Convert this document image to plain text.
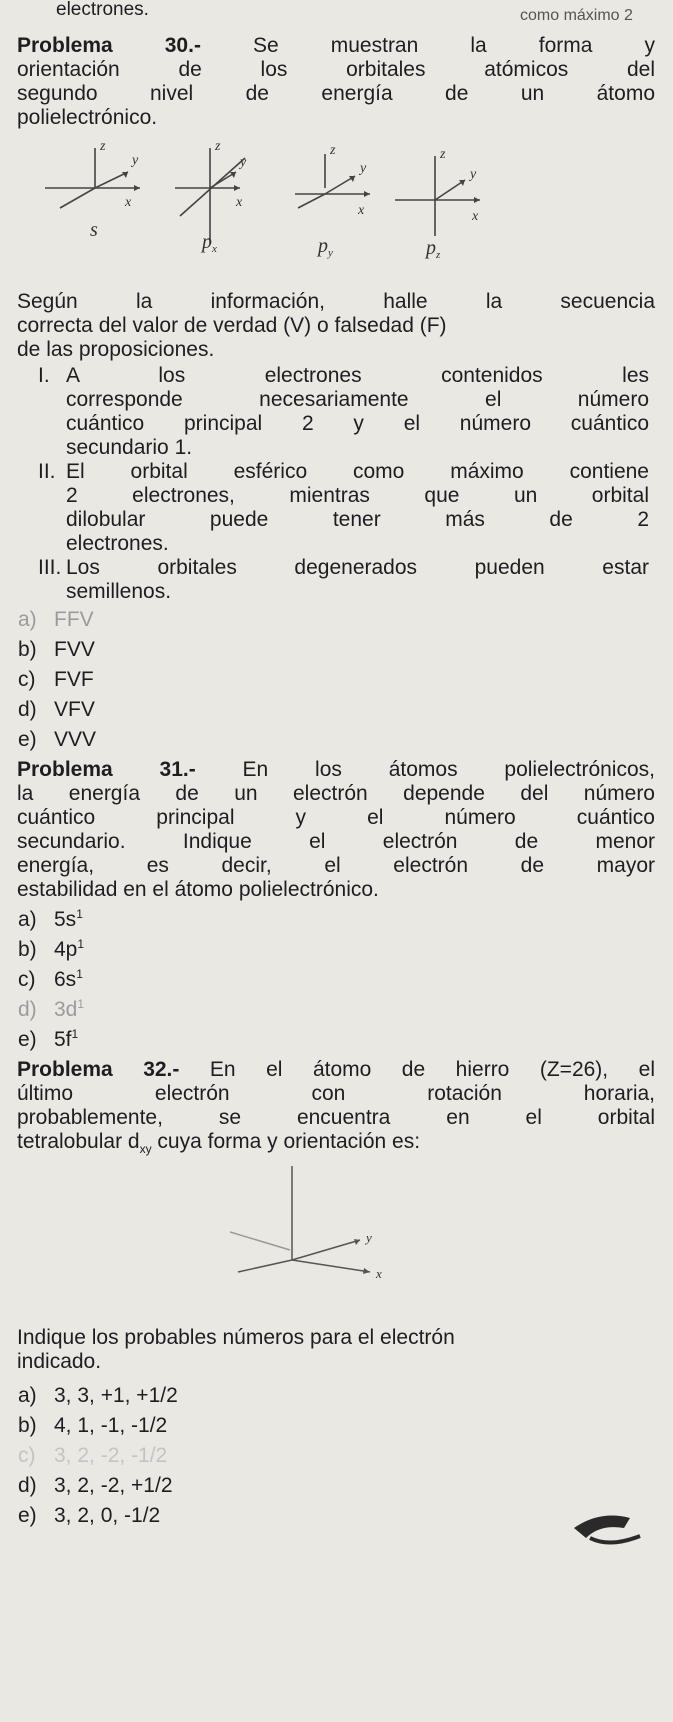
electrones.	como máximo 2
Problema 30.- Se muestran la forma y
orientación de los orbitales atómicos del
segundo nivel de energía de un átomo
polielectrónico.
z
y
x
z
y
x
z
y
x
z
y
x
s
$p_x$	$p_y$	$p_z$
Según la información, halle la secuencia
correcta del valor de verdad (V) o falsedad (F)
de las proposiciones.
I. A los electrones contenidos les
corresponde necesariamente el número
cuántico principal 2 y el número cuántico
secundario 1.
II. El orbital esférico como máximo contiene
2 electrones, mientras que un orbital
dilobular puede tener más de 2
electrones.
III. Los orbitales degenerados pueden estar
semillenos.
a) FFV
b) FVV
c) FVF
d) VFV
e) VVV
Problema 31.- En los átomos polielectrónicos,
la energía de un electrón depende del número
cuántico principal y el número cuántico
secundario. Indique el electrón de menor
energía, es decir, el electrón de mayor
estabilidad en el átomo polielectrónico.
a) $5s^1$
b) $4p^1$
c) $6s^1$
d) $3d^1$
e) $5f^1$
Problema 32.- En el átomo de hierro (Z=26), el
último electrón con rotación horaria,
probablemente, se encuentra en el orbital
tetralobular $d_{xy}$ cuya forma y orientación es:
y
x
Indique los probables números para el electrón
indicado.
a) 3, 3, +1, +1/2
b) 4, 1, -1, -1/2
c) 3, 2, -2, -1/2
d) 3, 2, -2, +1/2
e) 3, 2, 0, -1/2
